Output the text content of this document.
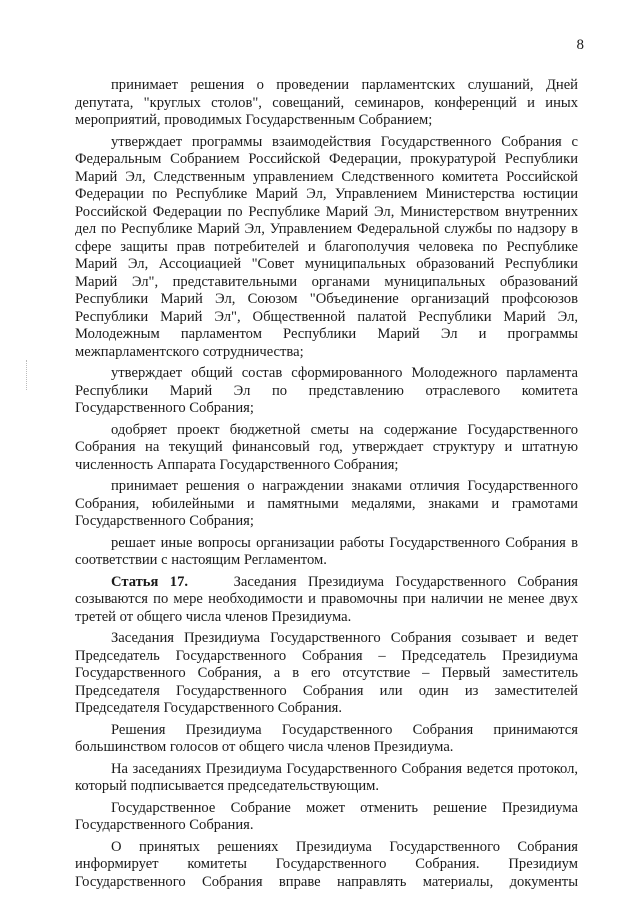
8

принимает решения о проведении парламентских слушаний, Дней депутата, "круглых столов", совещаний, семинаров, конференций и иных мероприятий, проводимых Государственным Собранием;

утверждает программы взаимодействия Государственного Собрания с Федеральным Собранием Российской Федерации, прокуратурой Республики Марий Эл, Следственным управлением Следственного комитета Российской Федерации по Республике Марий Эл, Управлением Министерства юстиции Российской Федерации по Республике Марий Эл, Министерством внутренних дел по Республике Марий Эл, Управлением Федеральной службы по надзору в сфере защиты прав потребителей и благополучия человека по Республике Марий Эл, Ассоциацией "Совет муниципальных образований Республики Марий Эл", представительными органами муниципальных образований Республики Марий Эл, Союзом "Объединение организаций профсоюзов Республики Марий Эл", Общественной палатой Республики Марий Эл, Молодежным парламентом Республики Марий Эл и программы межпарламентского сотрудничества;

утверждает общий состав сформированного Молодежного парламента Республики Марий Эл по представлению отраслевого комитета Государственного Собрания;

одобряет проект бюджетной сметы на содержание Государственного Собрания на текущий финансовый год, утверждает структуру и штатную численность Аппарата Государственного Собрания;

принимает решения о награждении знаками отличия Государственного Собрания, юбилейными и памятными медалями, знаками и грамотами Государственного Собрания;

решает иные вопросы организации работы Государственного Собрания в соответствии с настоящим Регламентом.

Статья 17.	Заседания Президиума Государственного Собрания созываются по мере необходимости и правомочны при наличии не менее двух третей от общего числа членов Президиума.

Заседания Президиума Государственного Собрания созывает и ведет Председатель Государственного Собрания – Председатель Президиума Государственного Собрания, а в его отсутствие – Первый заместитель Председателя Государственного Собрания или один из заместителей Председателя Государственного Собрания.

Решения Президиума Государственного Собрания принимаются большинством голосов от общего числа членов Президиума.

На заседаниях Президиума Государственного Собрания ведется протокол, который подписывается председательствующим.

Государственное Собрание может отменить решение Президиума Государственного Собрания.

О принятых решениях Президиума Государственного Собрания информирует комитеты Государственного Собрания. Президиум Государственного Собрания вправе направлять материалы, документы
